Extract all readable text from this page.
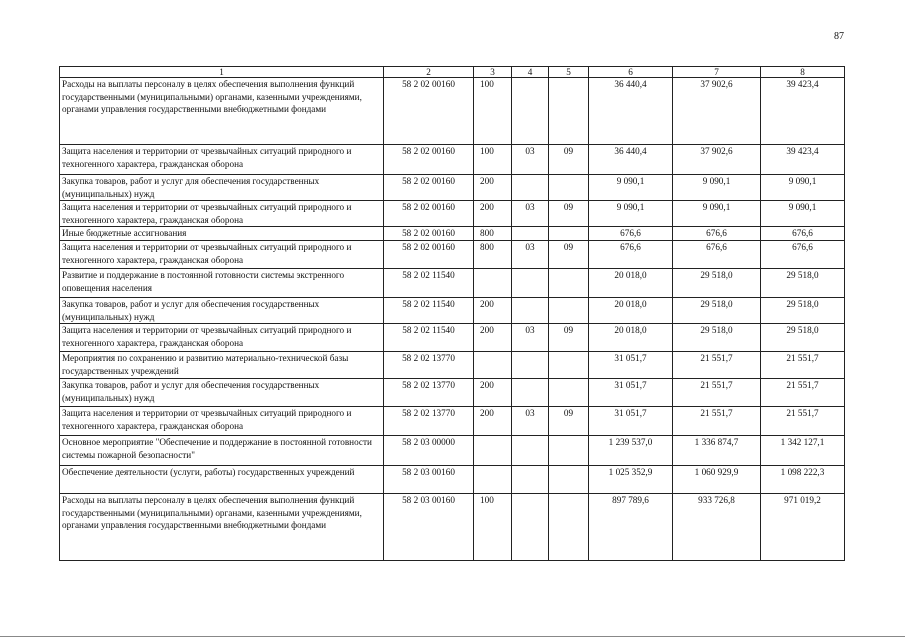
87
1	2	3	4	5	6	7	8
Расходы на выплаты персоналу в целях обеспечения выполнения функций государственными (муниципальными) органами, казенными учреждениями, органами управления государственными внебюджетными фондами	58 2 02 00160	100			36 440,4	37 902,6	39 423,4
Защита населения и территории от чрезвычайных ситуаций природного и техногенного характера, гражданская оборона	58 2 02 00160	100	03	09	36 440,4	37 902,6	39 423,4
Закупка товаров, работ и услуг для обеспечения государственных (муниципальных) нужд	58 2 02 00160	200			9 090,1	9 090,1	9 090,1
Защита населения и территории от чрезвычайных ситуаций природного и техногенного характера, гражданская оборона	58 2 02 00160	200	03	09	9 090,1	9 090,1	9 090,1
Иные бюджетные ассигнования	58 2 02 00160	800			676,6	676,6	676,6
Защита населения и территории от чрезвычайных ситуаций природного и техногенного характера, гражданская оборона	58 2 02 00160	800	03	09	676,6	676,6	676,6
Развитие и поддержание в постоянной готовности системы экстренного оповещения населения	58 2 02 11540				20 018,0	29 518,0	29 518,0
Закупка товаров, работ и услуг для обеспечения государственных (муниципальных) нужд	58 2 02 11540	200			20 018,0	29 518,0	29 518,0
Защита населения и территории от чрезвычайных ситуаций природного и техногенного характера, гражданская оборона	58 2 02 11540	200	03	09	20 018,0	29 518,0	29 518,0
Мероприятия по сохранению и развитию материально-технической базы государственных учреждений	58 2 02 13770				31 051,7	21 551,7	21 551,7
Закупка товаров, работ и услуг для обеспечения государственных (муниципальных) нужд	58 2 02 13770	200			31 051,7	21 551,7	21 551,7
Защита населения и территории от чрезвычайных ситуаций природного и техногенного характера, гражданская оборона	58 2 02 13770	200	03	09	31 051,7	21 551,7	21 551,7
Основное мероприятие "Обеспечение и поддержание в постоянной готовности системы пожарной безопасности"	58 2 03 00000				1 239 537,0	1 336 874,7	1 342 127,1
Обеспечение деятельности (услуги, работы) государственных учреждений	58 2 03 00160				1 025 352,9	1 060 929,9	1 098 222,3
Расходы на выплаты персоналу в целях обеспечения выполнения функций государственными (муниципальными) органами, казенными учреждениями, органами управления государственными внебюджетными фондами	58 2 03 00160	100			897 789,6	933 726,8	971 019,2
